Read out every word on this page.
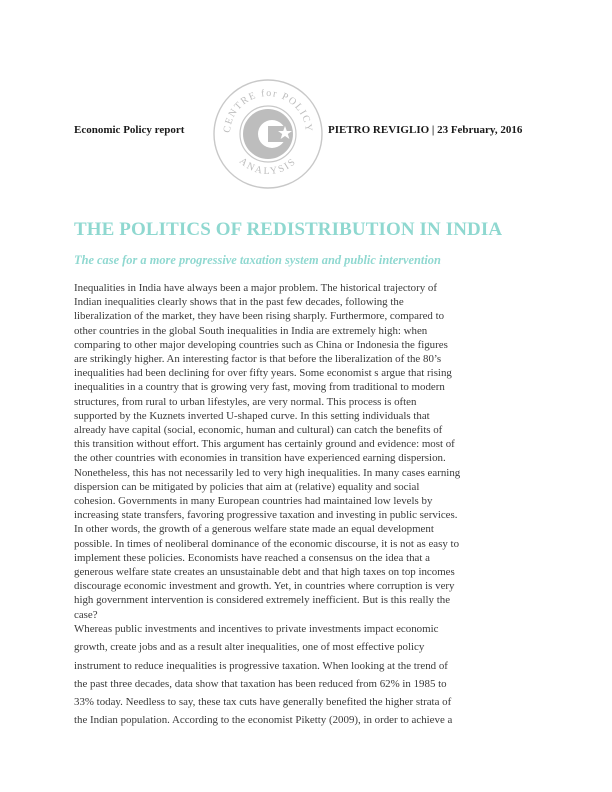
Economic Policy report	CENTRE for POLICY
ANALYSIS
PIETRO REVIGLIO | 23 February, 2016
THE POLITICS OF REDISTRIBUTION IN INDIA
The case for a more progressive taxation system and public intervention

Inequalities in India have always been a major problem. The historical trajectory of
Indian inequalities clearly shows that in the past few decades, following the
liberalization of the market, they have been rising sharply. Furthermore, compared to
other countries in the global South inequalities in India are extremely high: when
comparing to other major developing countries such as China or Indonesia the figures
are strikingly higher. An interesting factor is that before the liberalization of the 80’s
inequalities had been declining for over fifty years. Some economist s argue that rising
inequalities in a country that is growing very fast, moving from traditional to modern
structures, from rural to urban lifestyles, are very normal. This process is often
supported by the Kuznets inverted U-shaped curve. In this setting individuals that
already have capital (social, economic, human and cultural) can catch the benefits of
this transition without effort. This argument has certainly ground and evidence: most of
the other countries with economies in transition have experienced earning dispersion.
Nonetheless, this has not necessarily led to very high inequalities. In many cases earning
dispersion can be mitigated by policies that aim at (relative) equality and social
cohesion. Governments in many European countries had maintained low levels by
increasing state transfers, favoring progressive taxation and investing in public services.
In other words, the growth of a generous welfare state made an equal development
possible. In times of neoliberal dominance of the economic discourse, it is not as easy to
implement these policies. Economists have reached a consensus on the idea that a
generous welfare state creates an unsustainable debt and that high taxes on top incomes
discourage economic investment and growth. Yet, in countries where corruption is very
high government intervention is considered extremely inefficient. But is this really the
case?

Whereas public investments and incentives to private investments impact economic
growth, create jobs and as a result alter inequalities, one of most effective policy
instrument to reduce inequalities is progressive taxation. When looking at the trend of
the past three decades, data show that taxation has been reduced from 62% in 1985 to
33% today. Needless to say, these tax cuts have generally benefited the higher strata of
the Indian population. According to the economist Piketty (2009), in order to achieve a
